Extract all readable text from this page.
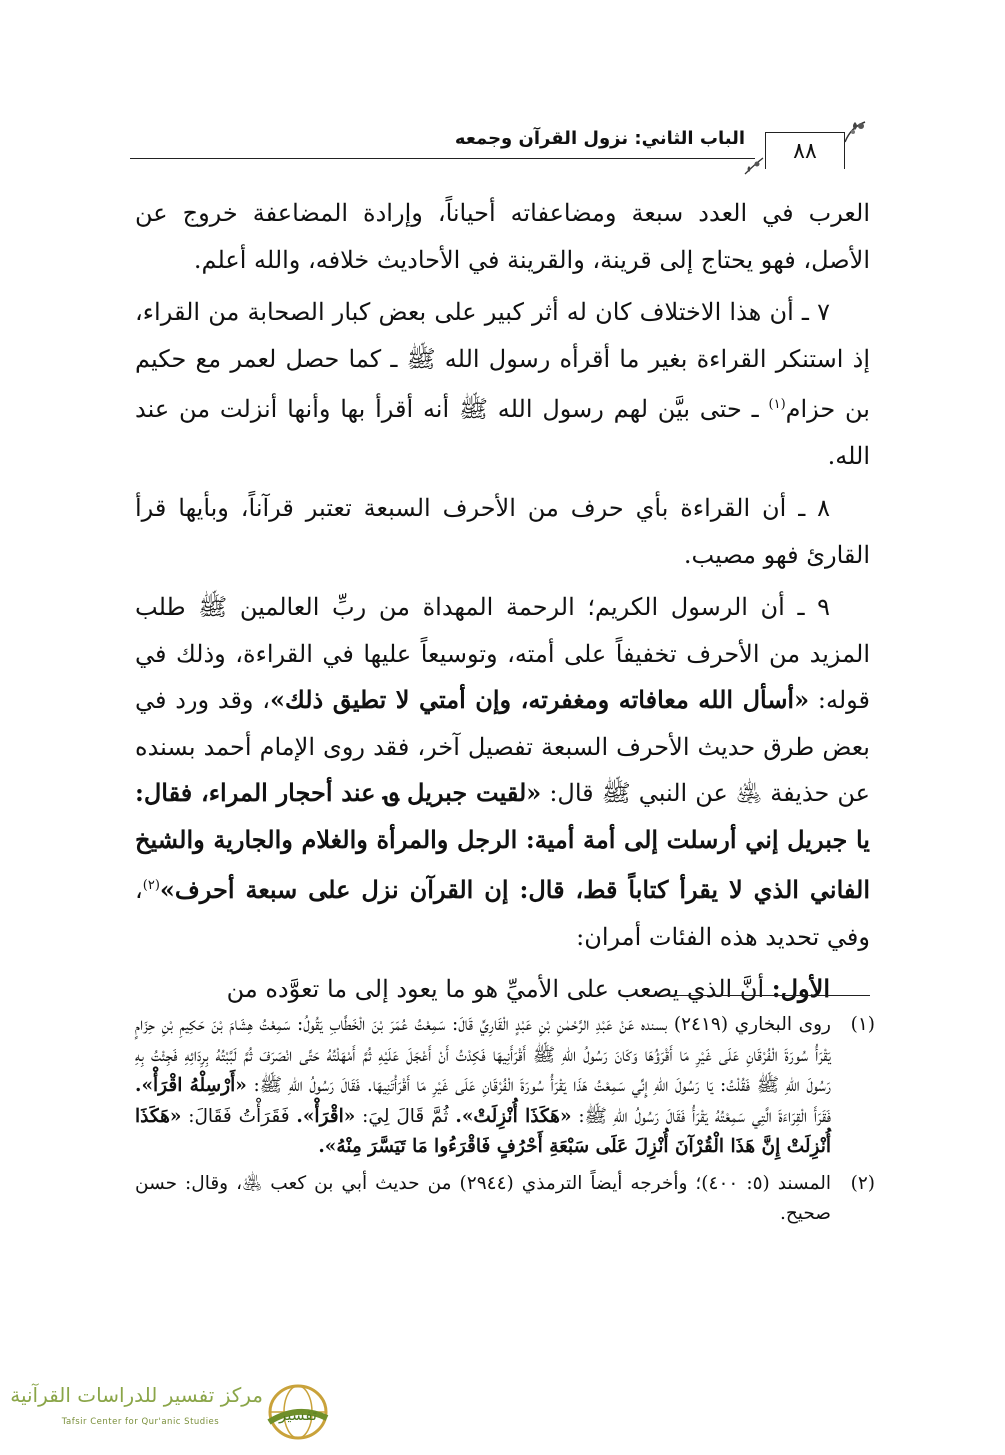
الباب الثاني: نزول القرآن وجمعه
٨٨

العرب في العدد سبعة ومضاعفاته أحياناً، وإرادة المضاعفة خروج عن الأصل، فهو يحتاج إلى قرينة، والقرينة في الأحاديث خلافه، والله أعلم.

٧ ـ أن هذا الاختلاف كان له أثر كبير على بعض كبار الصحابة من القراء، إذ استنكر القراءة بغير ما أقرأه رسول الله ﷺ ـ كما حصل لعمر مع حكيم بن حزام$^{(١)}$ ـ حتى بيَّن لهم رسول الله ﷺ أنه أقرأ بها وأنها أنزلت من عند الله.

٨ ـ أن القراءة بأي حرف من الأحرف السبعة تعتبر قرآناً، وبأيها قرأ القارئ فهو مصيب.

٩ ـ أن الرسول الكريم؛ الرحمة المهداة من ربِّ العالمين ﷺ طلب المزيد من الأحرف تخفيفاً على أمته، وتوسيعاً عليها في القراءة، وذلك في قوله: «أسأل الله معافاته ومغفرته، وإن أمتي لا تطيق ذلك»، وقد ورد في بعض طرق حديث الأحرف السبعة تفصيل آخر، فقد روى الإمام أحمد بسنده عن حذيفة ﵁ عن النبي ﷺ قال: «لقيت جبريل ؈ عند أحجار المراء، فقال: يا جبريل إني أرسلت إلى أمة أمية: الرجل والمرأة والغلام والجارية والشيخ الفاني الذي لا يقرأ كتاباً قط، قال: إن القرآن نزل على سبعة أحرف»$^{(٢)}$، وفي تحديد هذه الفئات أمران:

الأول: أنَّ الذي يصعب على الأميِّ هو ما يعود إلى ما تعوَّده من

(١)
روى البخاري (٢٤١٩) بسنده عَنْ عَبْدِ الرَّحْمٰنِ بْنِ عَبْدٍ الْقَارِيِّ قَالَ: سَمِعْتُ عُمَرَ بْنَ الْخَطَّابِ يَقُولُ: سَمِعْتُ هِشَامَ بْنَ حَكِيمِ بْنِ حِزَامٍ يَقْرَأُ سُورَةَ الْفُرْقَانِ عَلَى غَيْرِ مَا أَقْرَؤُهَا وَكَانَ رَسُولُ اللهِ ﷺ أَقْرَأَنِيهَا فَكِدْتُ أَنْ أَعْجَلَ عَلَيْهِ ثُمَّ أَمْهَلْتُهُ حَتَّى انْصَرَفَ ثُمَّ لَبَّبْتُهُ بِرِدَائِهِ فَجِئْتُ بِهِ رَسُولَ اللهِ ﷺ فَقُلْتُ: يَا رَسُولَ اللهِ إِنِّي سَمِعْتُ هَذَا يَقْرَأُ سُورَةَ الْفُرْقَانِ عَلَى غَيْرِ مَا أَقْرَأْتَنِيهَا. فَقَالَ رَسُولُ اللهِ ﷺ: «أَرْسِلْهُ اقْرَأْ». فَقَرَأَ الْقِرَاءَةَ الَّتِي سَمِعْتُهُ يَقْرَأُ فَقَالَ رَسُولُ اللهِ ﷺ: «هَكَذَا أُنْزِلَتْ». ثُمَّ قَالَ لِيَ: «اقْرَأْ». فَقَرَأْتُ فَقَالَ: «هَكَذَا أُنْزِلَتْ إِنَّ هَذَا الْقُرْآنَ أُنْزِلَ عَلَى سَبْعَةِ أَحْرُفٍ فَاقْرَءُوا مَا تَيَسَّرَ مِنْهُ».
(٢)
المسند (٥: ٤٠٠)؛ وأخرجه أيضاً الترمذي (٢٩٤٤) من حديث أبي بن كعب ﵁، وقال: حسن صحيح.
تفسير
مركز تفسير للدراسات القرآنية
Tafsir Center for Qur'anic Studies
